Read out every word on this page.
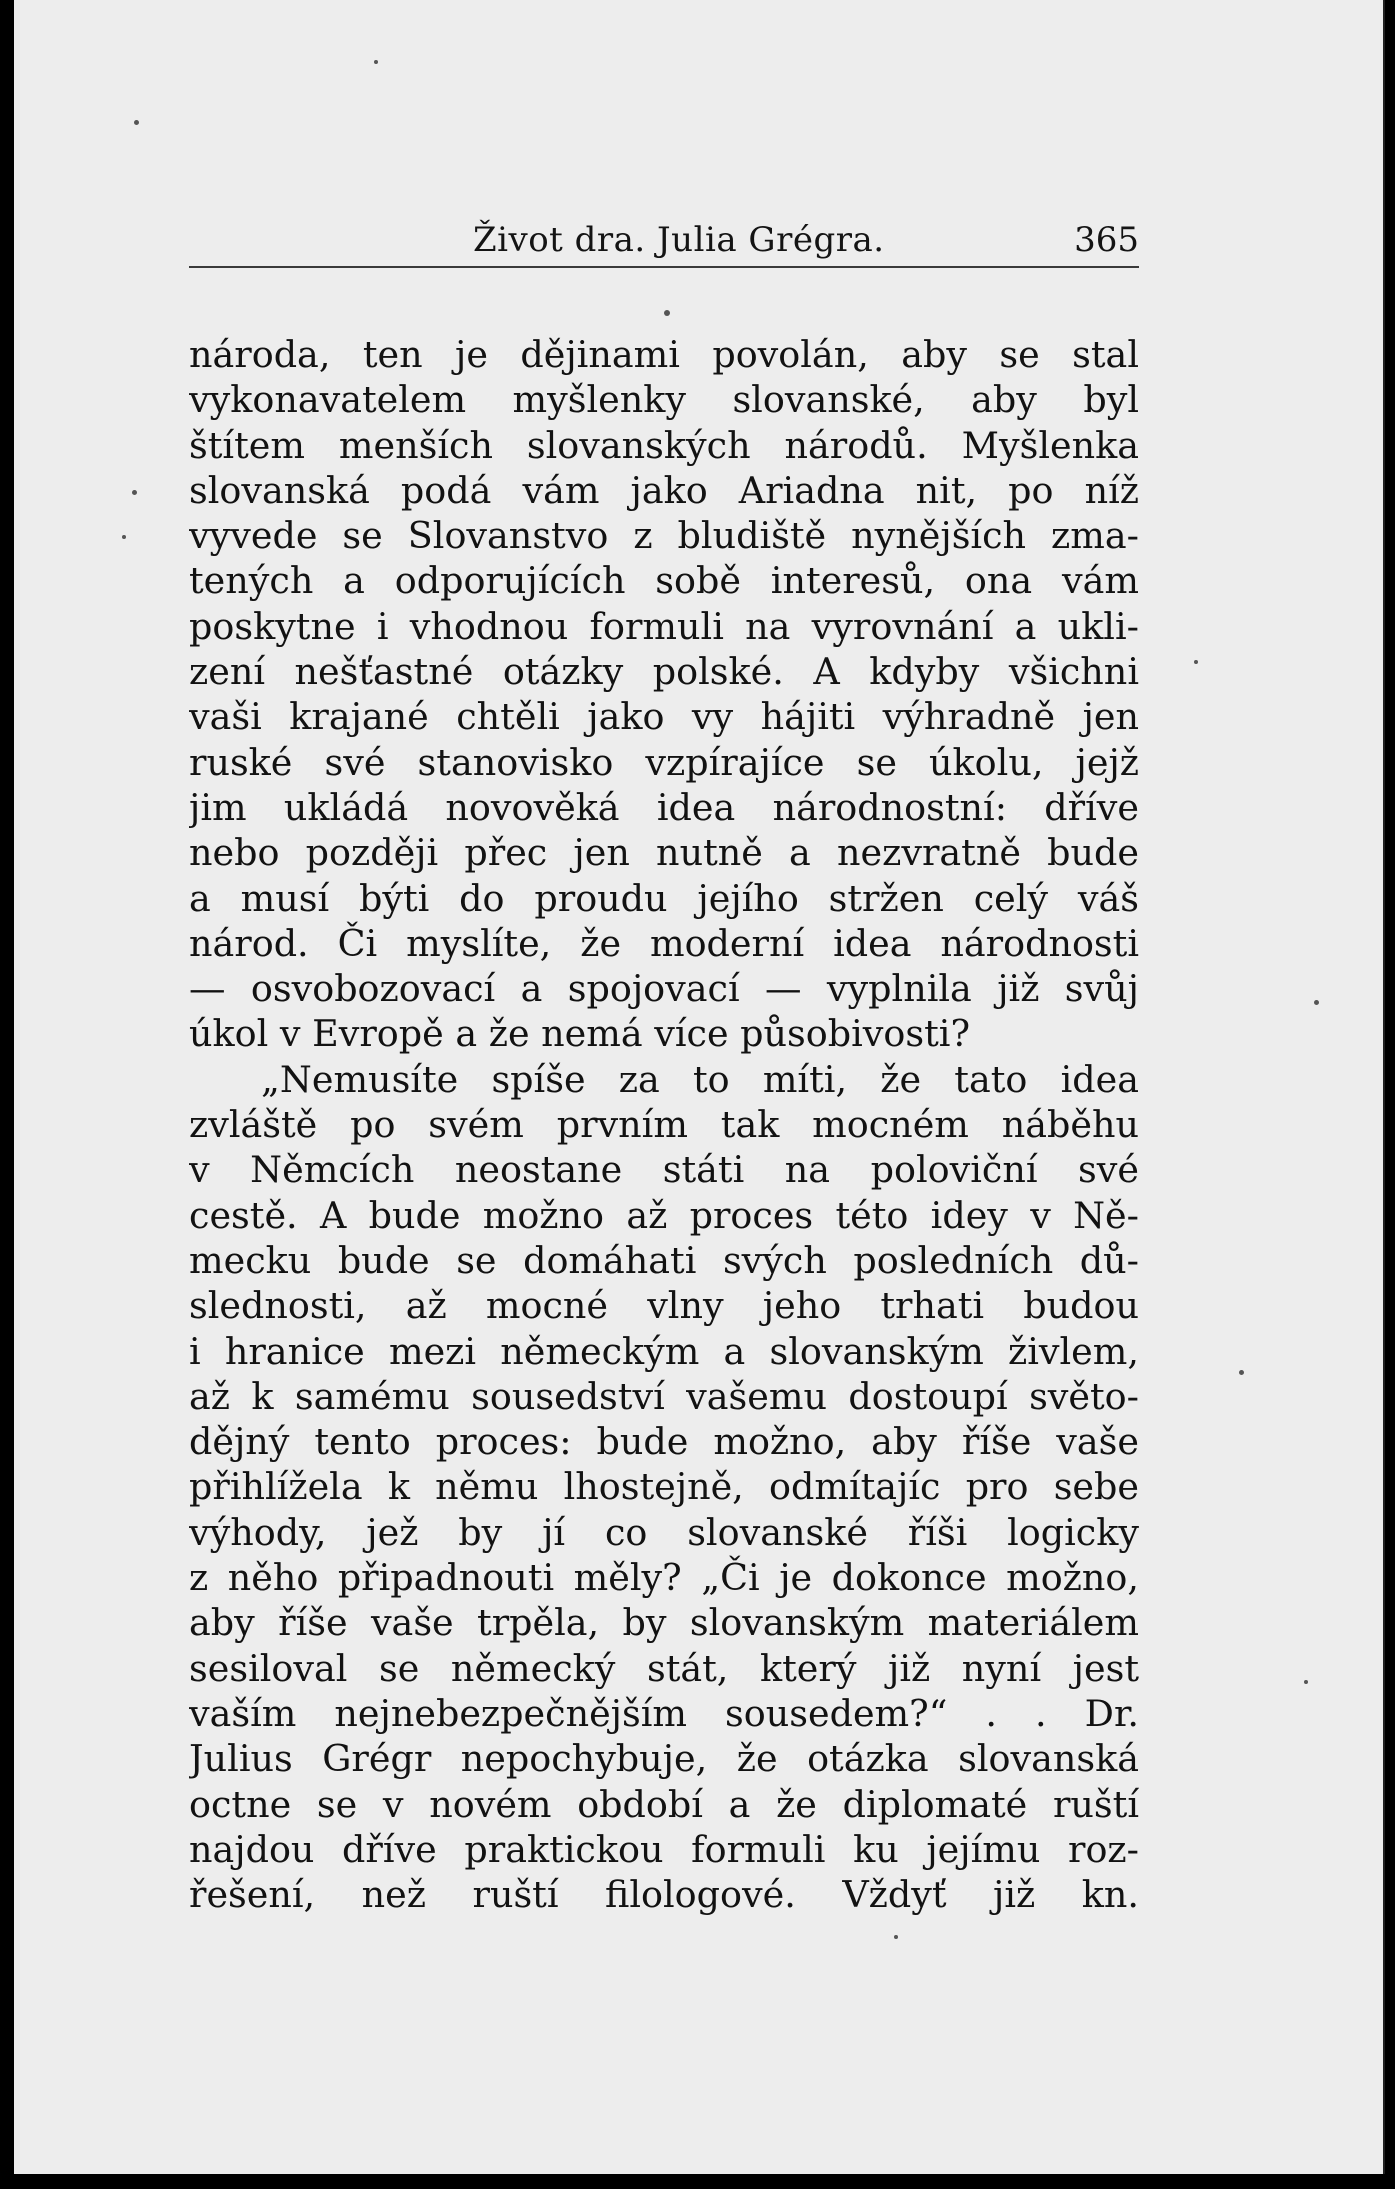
Život dra. Julia Grégra.	365
národa, ten je dějinami povolán, aby se stal
vykonavatelem myšlenky slovanské, aby byl
štítem menších slovanských národů. Myšlenka
slovanská podá vám jako Ariadna nit, po níž
vyvede se Slovanstvo z bludiště nynějších zma-
tených a odporujících sobě interesů, ona vám
poskytne i vhodnou formuli na vyrovnání a ukli-
zení nešťastné otázky polské. A kdyby všichni
vaši krajané chtěli jako vy hájiti výhradně jen
ruské své stanovisko vzpírajíce se úkolu, jejž
jim ukládá novověká idea národnostní: dříve
nebo později přec jen nutně a nezvratně bude
a musí býti do proudu jejího stržen celý váš
národ. Či myslíte, že moderní idea národnosti
— osvobozovací a spojovací — vyplnila již svůj
úkol v Evropě a že nemá více působivosti?
„Nemusíte spíše za to míti, že tato idea
zvláště po svém prvním tak mocném náběhu
v Němcích neostane státi na poloviční své
cestě. A bude možno až proces této idey v Ně-
mecku bude se domáhati svých posledních dů-
slednosti, až mocné vlny jeho trhati budou
i hranice mezi německým a slovanským živlem,
až k samému sousedství vašemu dostoupí světo-
dějný tento proces: bude možno, aby říše vaše
přihlížela k němu lhostejně, odmítajíc pro sebe
výhody, jež by jí co slovanské říši logicky
z něho připadnouti měly? „Či je dokonce možno,
aby říše vaše trpěla, by slovanským materiálem
sesiloval se německý stát, který již nyní jest
vaším nejnebezpečnějším sousedem?“ . . Dr.
Julius Grégr nepochybuje, že otázka slovanská
octne se v novém období a že diplomaté ruští
najdou dříve praktickou formuli ku jejímu roz-
řešení, než ruští filologové. Vždyť již kn.
